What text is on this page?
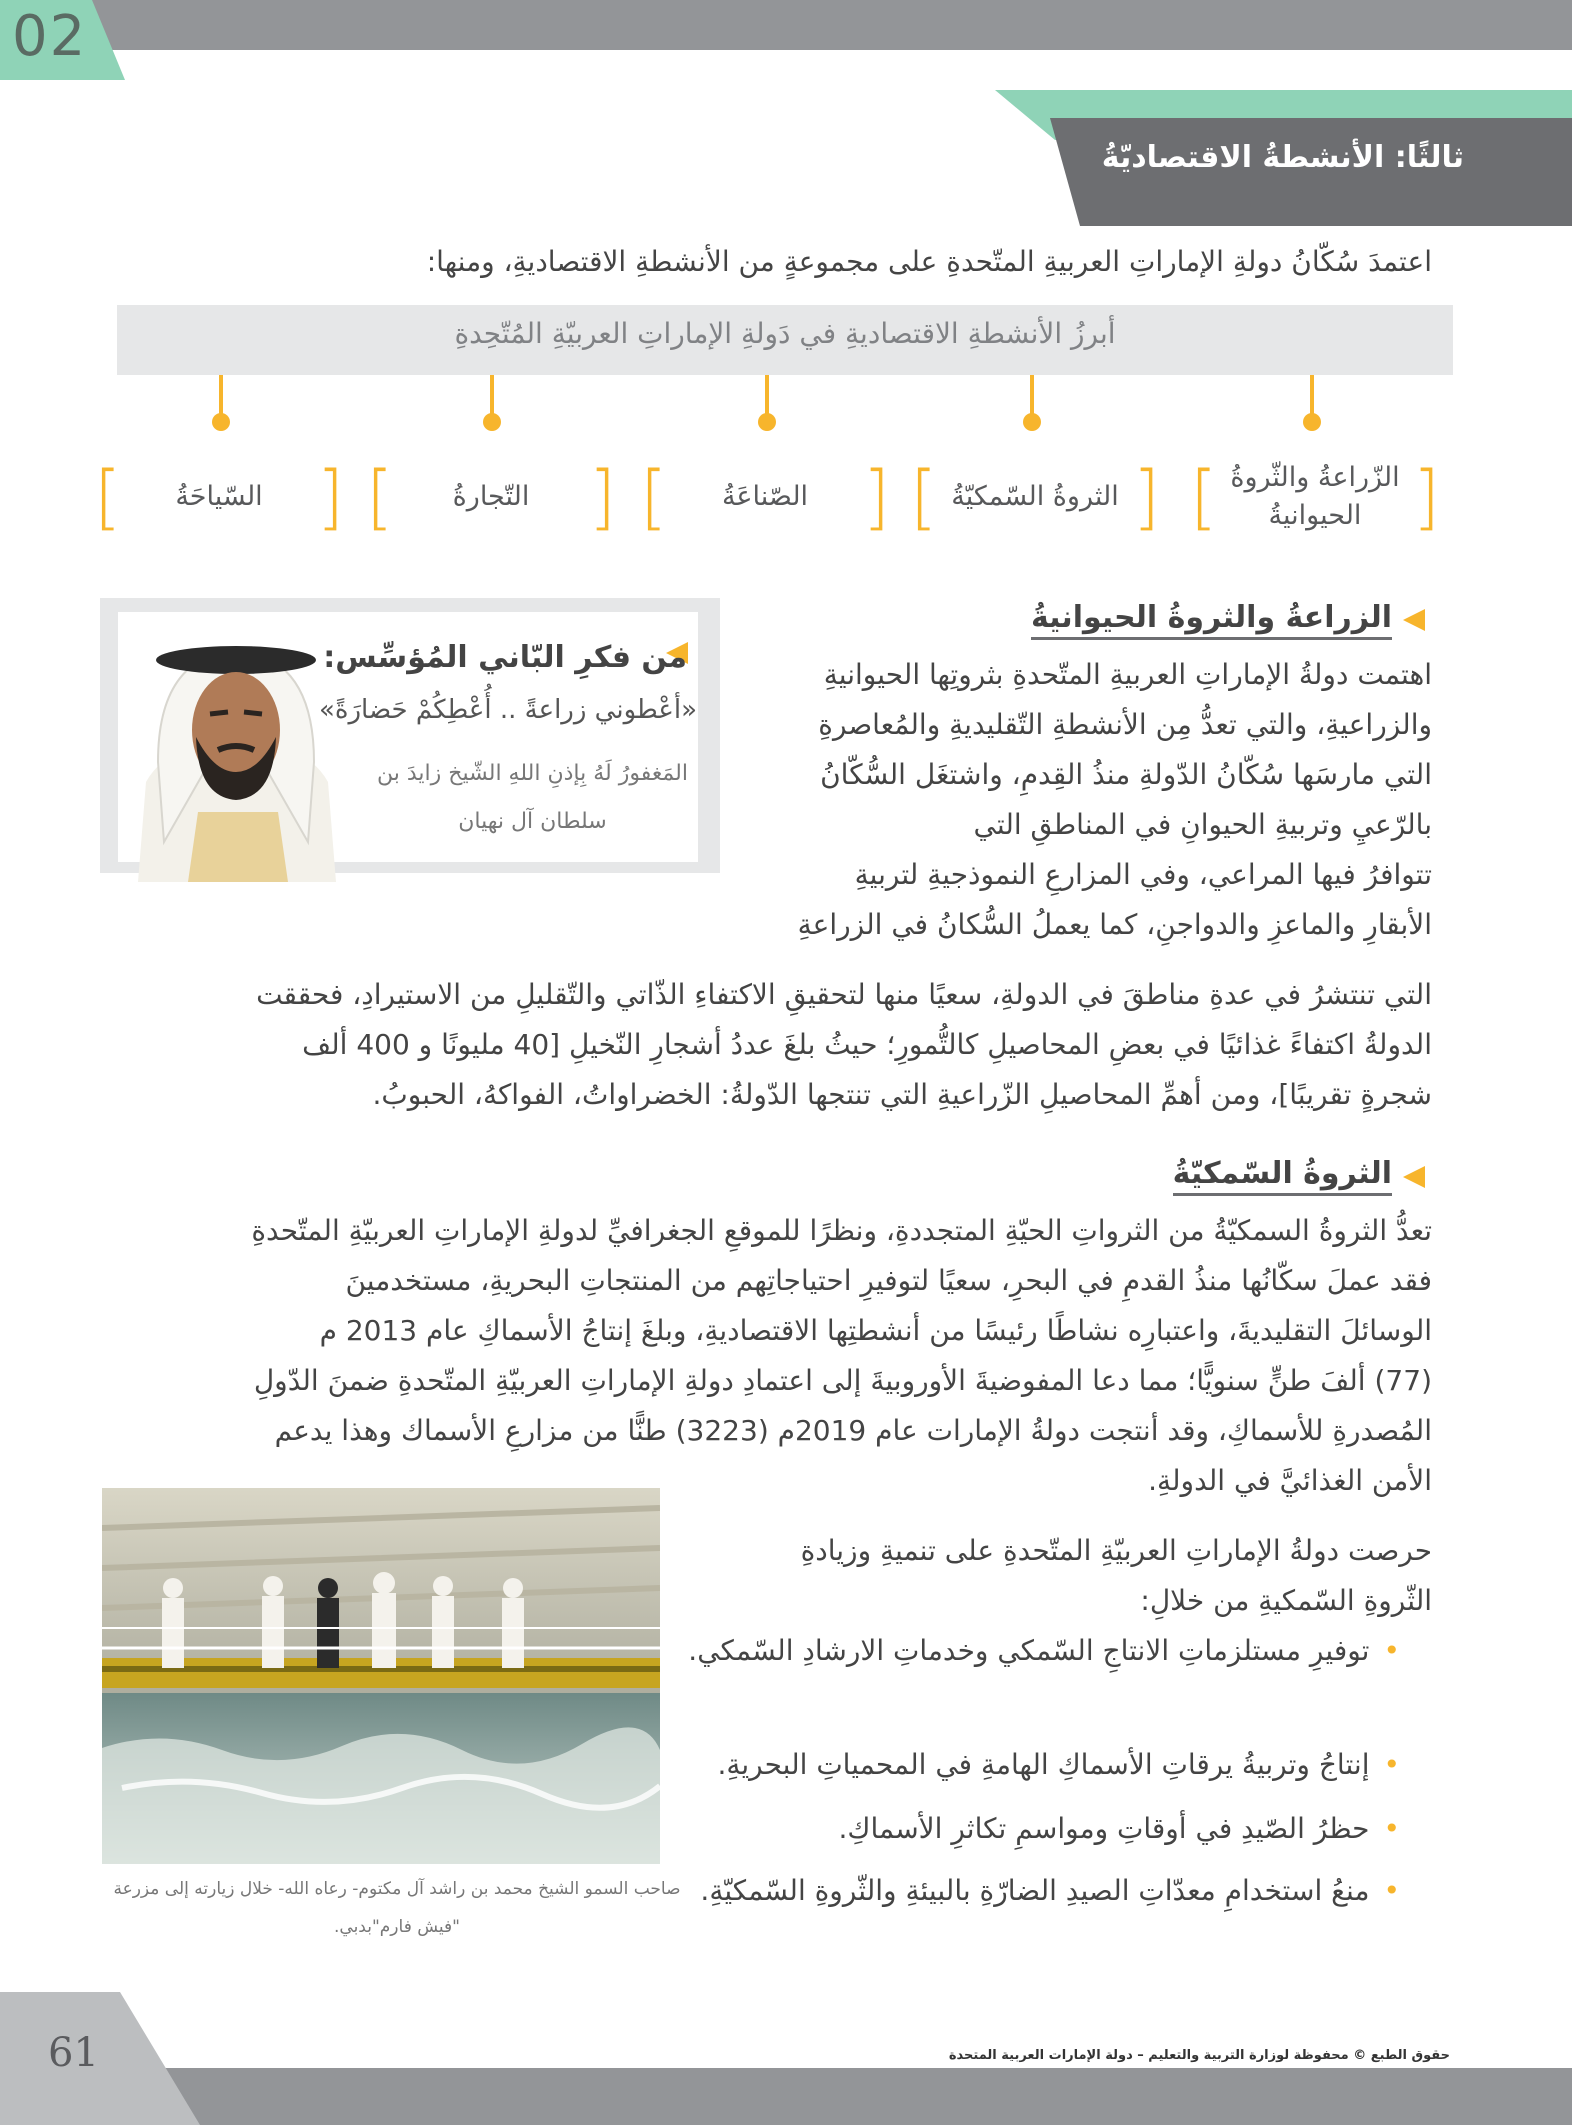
02
ثالثًا: الأنشطةُ الاقتصاديّةُ
اعتمدَ سُكّانُ دولةِ الإماراتِ العربيةِ المتّحدةِ على مجموعةٍ من الأنشطةِ الاقتصاديةِ، ومنها:
أبرزُ الأنشطةِ الاقتصاديةِ في دَولةِ الإماراتِ العربيّةِ المُتّحِدةِ
[	]
الزّراعةُ والثّروةُ الحيوانيةُ
[	]
الثروةُ السّمكيّةُ
[	]
الصّناعَةُ
[	]
التّجارةُ
[	]
السّياحَةُ
الزراعةُ والثروةُ الحيوانيةُ
اهتمت دولةُ الإماراتِ العربيةِ المتّحدةِ بثروتِها الحيوانيةِ
والزراعيةِ، والتي تعدُّ مِن الأنشطةِ التّقليديةِ والمُعاصرةِ
التي مارسَها سُكّانُ الدّولةِ منذُ القِدمِ، واشتغَل السُّكّانُ
بالرّعيِ وتربيةِ الحيوانِ في المناطقِ التي
تتوافرُ فيها المراعي، وفي المزارعِ النموذجيةِ لتربيةِ
الأبقارِ والماعزِ والدواجنِ، كما يعملُ السُّكانُ في الزراعةِ
التي تنتشرُ في عدةِ مناطقَ في الدولةِ، سعيًا منها لتحقيقِ الاكتفاءِ الذّاتي والتّقليلِ من الاستيرادِ، فحققت
الدولةُ اكتفاءً غذائيًا في بعضِ المحاصيلِ كالتُّمورِ؛ حيثُ بلغَ عددُ أشجارِ النّخيلِ [40 مليونًا و 400 ألف
شجرةٍ تقريبًا]، ومن أهمِّ المحاصيلِ الزّراعيةِ التي تنتجها الدّولةُ: الخضراواتُ، الفواكهُ، الحبوبُ.
من فكرِ البّاني المُؤسِّس:
«أعْطوني زراعةً .. أُعْطِكُمْ حَضارَةً»
المَغفورُ لَهُ بِإذنِ اللهِ الشّيخ زايدَ بن سلطان آل نهيان
الثروةُ السّمكيّةُ
تعدُّ الثروةُ السمكيّةُ من الثرواتِ الحيّةِ المتجددةِ، ونظرًا للموقعِ الجغرافيِّ لدولةِ الإماراتِ العربيّةِ المتّحدةِ
فقد عملَ سكّانُها منذُ القدمِ في البحرِ، سعيًا لتوفيرِ احتياجاتِهم من المنتجاتِ البحريةِ، مستخدمينَ
الوسائلَ التقليديةَ، واعتبارِه نشاطًا رئيسًا من أنشطتِها الاقتصاديةِ، وبلغَ إنتاجُ الأسماكِ عام 2013 م
(77) ألفَ طنٍّ سنويًّا؛ مما دعا المفوضيةَ الأوروبيةَ إلى اعتمادِ دولةِ الإماراتِ العربيّةِ المتّحدةِ ضمنَ الدّولِ
المُصدرةِ للأسماكِ، وقد أنتجت دولةُ الإمارات عام 2019م (3223) طنًّا من مزارعِ الأسماك وهذا يدعم
الأمن الغذائيَّ في الدولةِ.
صاحب السمو الشيخ محمد بن راشد آل مكتوم- رعاه الله- خلال زيارته إلى مزرعة "فيش فارم"بدبي.
حرصت دولةُ الإماراتِ العربيّةِ المتّحدةِ على تنميةِ وزيادةِ
الثّروةِ السّمكيةِ من خلالِ:
•توفيرِ مستلزماتِ الانتاجِ السّمكي وخدماتِ الارشادِ السّمكي.
•إنتاجُ وتربيةُ يرقاتِ الأسماكِ الهامةِ في المحمياتِ البحريةِ.
•حظرُ الصّيدِ في أوقاتِ ومواسمِ تكاثرِ الأسماكِ.
•منعُ استخدامِ معدّاتِ الصيدِ الضارّةِ بالبيئةِ والثّروةِ السّمكيّةِ.
61	حقوق الطبع © محفوظة لوزارة التربية والتعليم – دولة الإمارات العربية المتحدة
